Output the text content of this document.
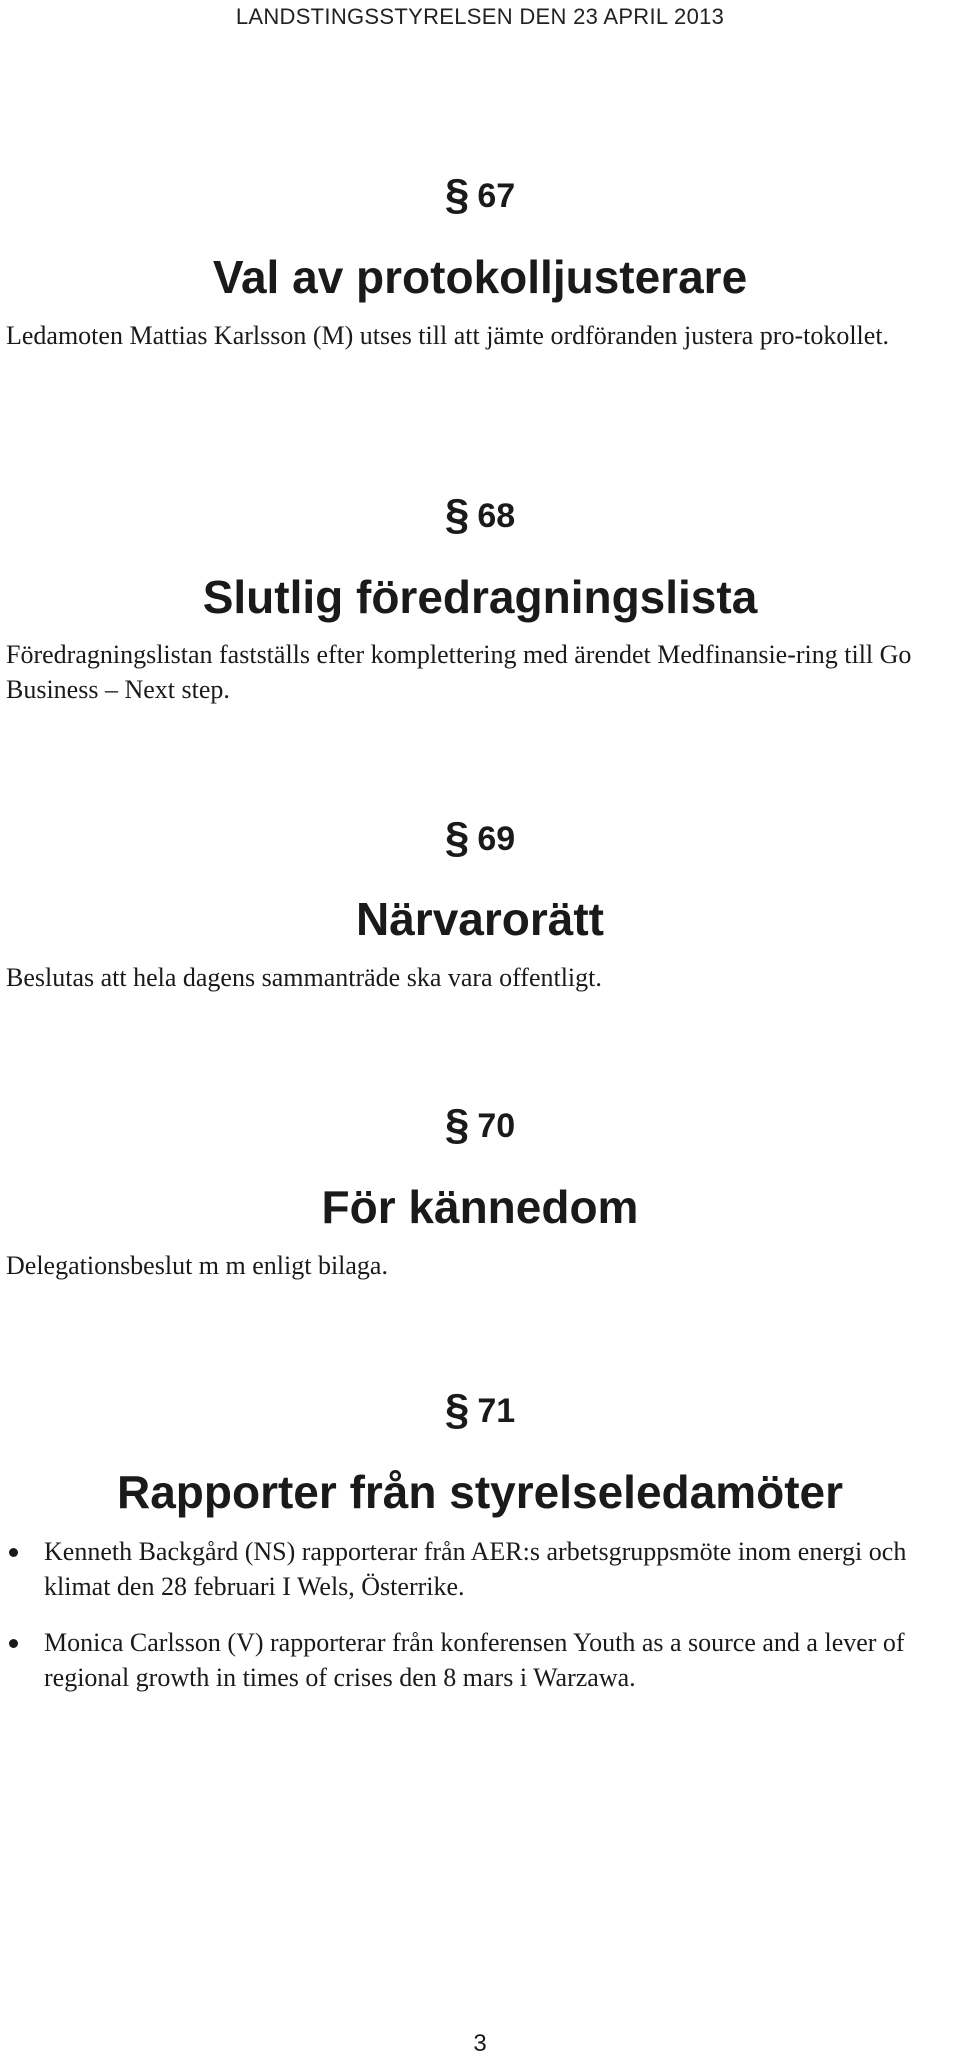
LANDSTINGSSTYRELSEN DEN 23 APRIL 2013
§ 67
Val av protokolljusterare
Ledamoten Mattias Karlsson (M) utses till att jämte ordföranden justera pro-tokollet.
§ 68
Slutlig föredragningslista
Föredragningslistan fastställs efter komplettering med ärendet Medfinansie-ring till Go Business – Next step.
§ 69
Närvarorätt
Beslutas att hela dagens sammanträde ska vara offentligt.
§ 70
För kännedom
Delegationsbeslut m m enligt bilaga.
§ 71
Rapporter från styrelseledamöter
Kenneth Backgård (NS) rapporterar från AER:s arbetsgruppsmöte inom energi och klimat den 28 februari I Wels, Österrike.
Monica Carlsson (V) rapporterar från konferensen Youth as a source and a lever of regional growth in times of crises den 8 mars i Warzawa.
3
